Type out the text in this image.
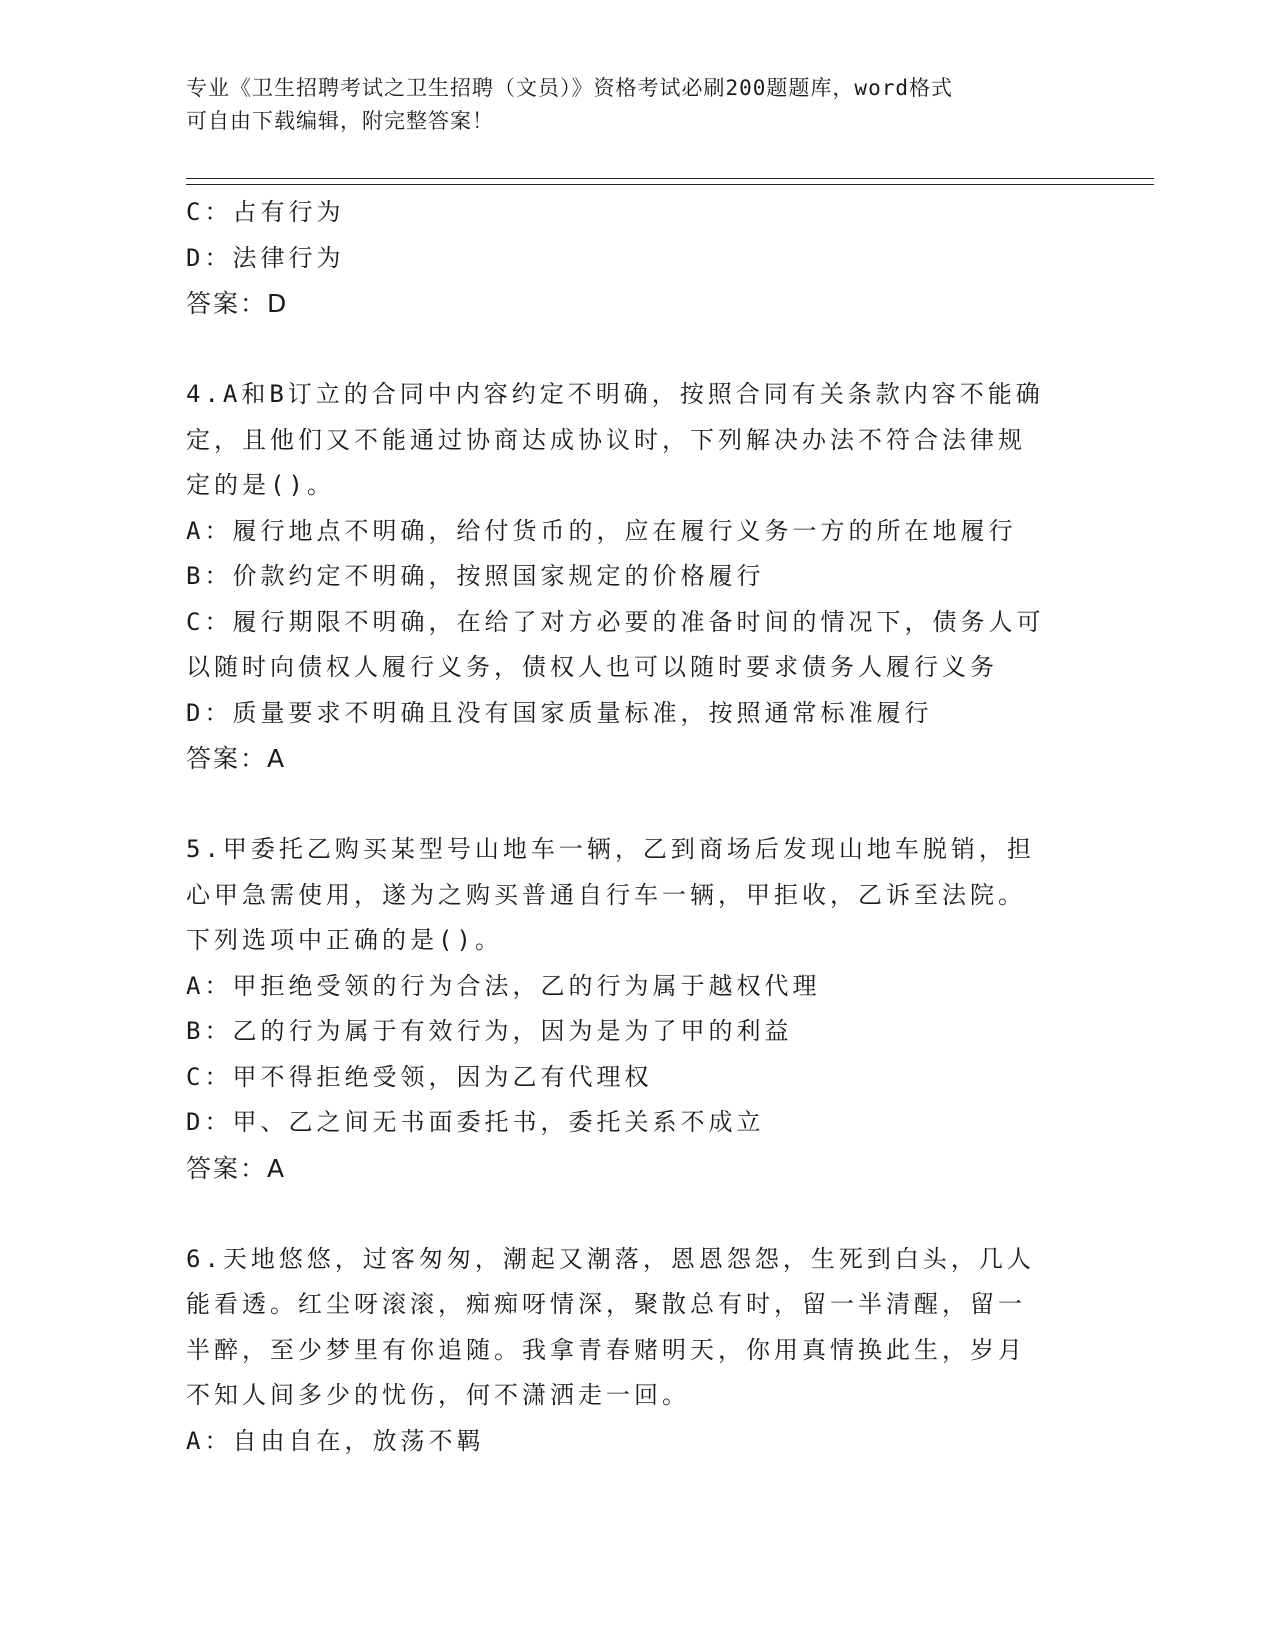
专业《卫生招聘考试之卫生招聘（文员）》资格考试必刷200题题库，word格式
可自由下载编辑，附完整答案！
C：占有行为
D：法律行为
答案：D
4.A和B订立的合同中内容约定不明确，按照合同有关条款内容不能确
定，且他们又不能通过协商达成协议时，下列解决办法不符合法律规
定的是()。
A：履行地点不明确，给付货币的，应在履行义务一方的所在地履行
B：价款约定不明确，按照国家规定的价格履行
C：履行期限不明确，在给了对方必要的准备时间的情况下，债务人可
以随时向债权人履行义务，债权人也可以随时要求债务人履行义务
D：质量要求不明确且没有国家质量标准，按照通常标准履行
答案：A
5.甲委托乙购买某型号山地车一辆，乙到商场后发现山地车脱销，担
心甲急需使用，遂为之购买普通自行车一辆，甲拒收，乙诉至法院。
下列选项中正确的是()。
A：甲拒绝受领的行为合法，乙的行为属于越权代理
B：乙的行为属于有效行为，因为是为了甲的利益
C：甲不得拒绝受领，因为乙有代理权
D：甲、乙之间无书面委托书，委托关系不成立
答案：A
6.天地悠悠，过客匆匆，潮起又潮落，恩恩怨怨，生死到白头，几人
能看透。红尘呀滚滚，痴痴呀情深，聚散总有时，留一半清醒，留一
半醉，至少梦里有你追随。我拿青春赌明天，你用真情换此生，岁月
不知人间多少的忧伤，何不潇洒走一回。
A：自由自在，放荡不羁
